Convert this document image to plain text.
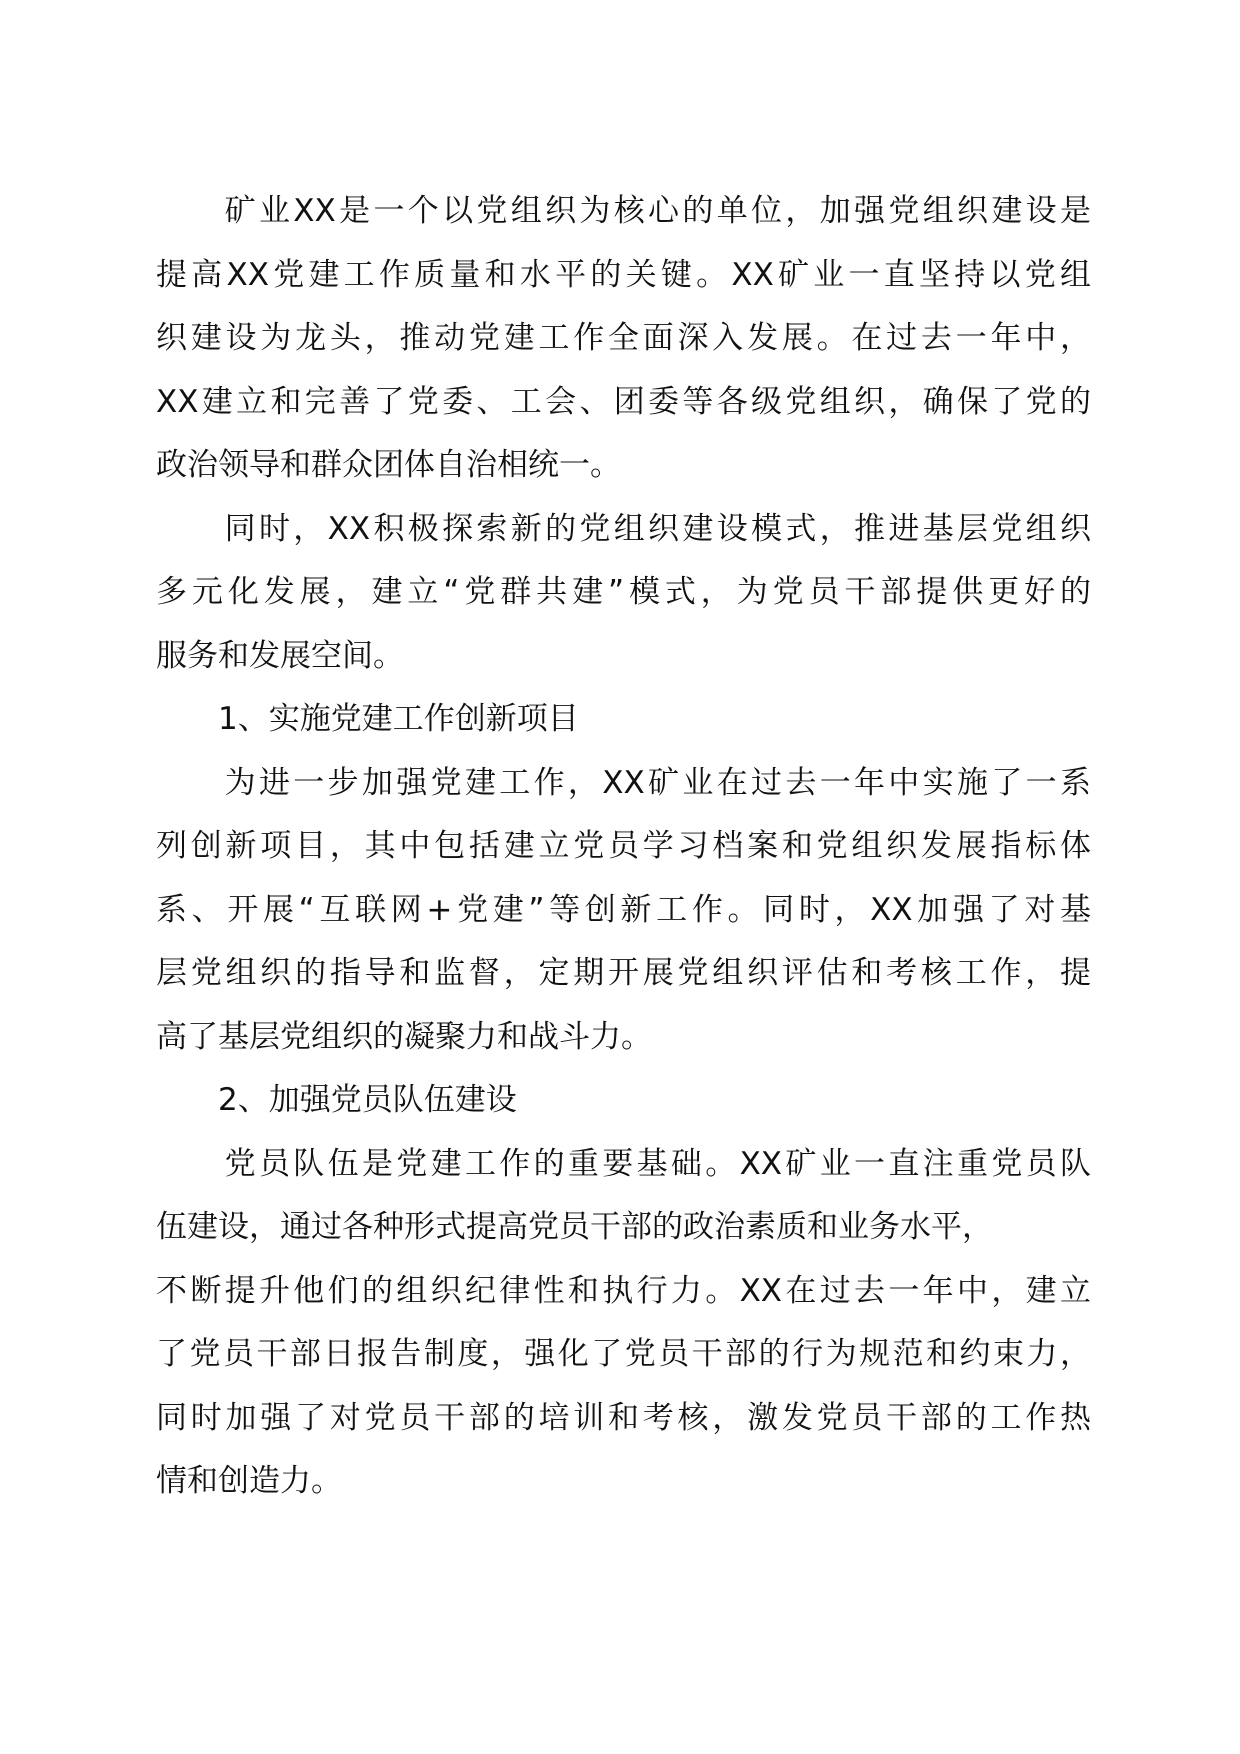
　　矿业XX是一个以党组织为核心的单位，加强党组织建设是
提高XX党建工作质量和水平的关键。XX矿业一直坚持以党组
织建设为龙头，推动党建工作全面深入发展。在过去一年中，
XX建立和完善了党委、工会、团委等各级党组织，确保了党的
政治领导和群众团体自治相统一。
　　同时，XX积极探索新的党组织建设模式，推进基层党组织
多元化发展，建立“党群共建”模式，为党员干部提供更好的
服务和发展空间。
　　1、实施党建工作创新项目
　　为进一步加强党建工作，XX矿业在过去一年中实施了一系
列创新项目，其中包括建立党员学习档案和党组织发展指标体
系、开展“互联网+党建”等创新工作。同时，XX加强了对基
层党组织的指导和监督，定期开展党组织评估和考核工作，提
高了基层党组织的凝聚力和战斗力。
　　2、加强党员队伍建设
　　党员队伍是党建工作的重要基础。XX矿业一直注重党员队
伍建设，通过各种形式提高党员干部的政治素质和业务水平，
不断提升他们的组织纪律性和执行力。XX在过去一年中，建立
了党员干部日报告制度，强化了党员干部的行为规范和约束力，
同时加强了对党员干部的培训和考核，激发党员干部的工作热
情和创造力。
